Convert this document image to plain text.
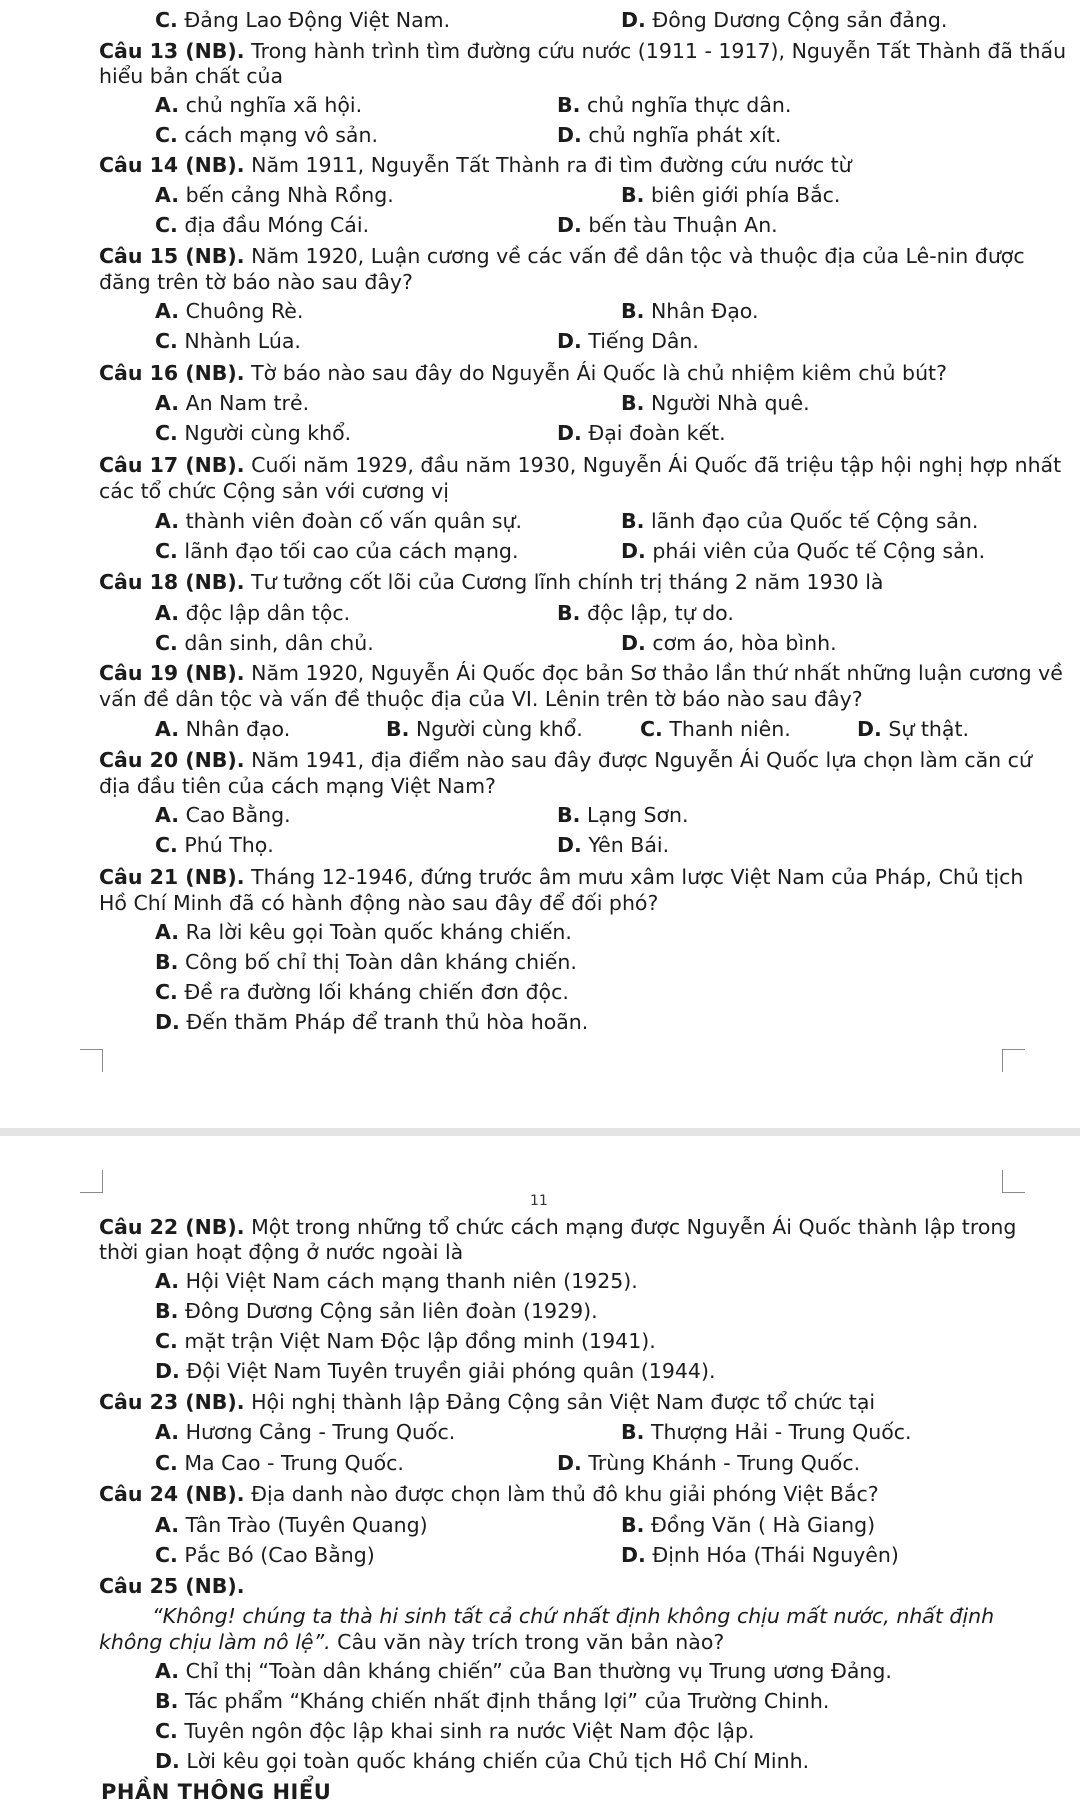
C. Đảng Lao Động Việt Nam.	D. Đông Dương Cộng sản đảng.
Câu 13 (NB). Trong hành trình tìm đường cứu nước (1911 - 1917), Nguyễn Tất Thành đã thấu
hiểu bản chất của
A. chủ nghĩa xã hội.	B. chủ nghĩa thực dân.
C. cách mạng vô sản.	D. chủ nghĩa phát xít.
Câu 14 (NB). Năm 1911, Nguyễn Tất Thành ra đi tìm đường cứu nước từ
A. bến cảng Nhà Rồng.	B. biên giới phía Bắc.
C. địa đầu Móng Cái.	D. bến tàu Thuận An.
Câu 15 (NB). Năm 1920, Luận cương về các vấn đề dân tộc và thuộc địa của Lê-nin được
đăng trên tờ báo nào sau đây?
A. Chuông Rè.	B. Nhân Đạo.
C. Nhành Lúa.	D. Tiếng Dân.
Câu 16 (NB). Tờ báo nào sau đây do Nguyễn Ái Quốc là chủ nhiệm kiêm chủ bút?
A. An Nam trẻ.	B. Người Nhà quê.
C. Người cùng khổ.	D. Đại đoàn kết.
Câu 17 (NB). Cuối năm 1929, đầu năm 1930, Nguyễn Ái Quốc đã triệu tập hội nghị hợp nhất
các tổ chức Cộng sản với cương vị
A. thành viên đoàn cố vấn quân sự.	B. lãnh đạo của Quốc tế Cộng sản.
C. lãnh đạo tối cao của cách mạng.	D. phái viên của Quốc tế Cộng sản.
Câu 18 (NB). Tư tưởng cốt lõi của Cương lĩnh chính trị tháng 2 năm 1930 là
A. độc lập dân tộc.	B. độc lập, tự do.
C. dân sinh, dân chủ.	D. cơm áo, hòa bình.
Câu 19 (NB). Năm 1920, Nguyễn Ái Quốc đọc bản Sơ thảo lần thứ nhất những luận cương về
vấn đề dân tộc và vấn đề thuộc địa của VI. Lênin trên tờ báo nào sau đây?
A. Nhân đạo.	B. Người cùng khổ.	C. Thanh niên.	D. Sự thật.
Câu 20 (NB). Năm 1941, địa điểm nào sau đây được Nguyễn Ái Quốc lựa chọn làm căn cứ
địa đầu tiên của cách mạng Việt Nam?
A. Cao Bằng.	B. Lạng Sơn.
C. Phú Thọ.	D. Yên Bái.
Câu 21 (NB). Tháng 12-1946, đứng trước âm mưu xâm lược Việt Nam của Pháp, Chủ tịch
Hồ Chí Minh đã có hành động nào sau đây để đối phó?
A. Ra lời kêu gọi Toàn quốc kháng chiến.
B. Công bố chỉ thị Toàn dân kháng chiến.
C. Đề ra đường lối kháng chiến đơn độc.
D. Đến thăm Pháp để tranh thủ hòa hoãn.
11
Câu 22 (NB). Một trong những tổ chức cách mạng được Nguyễn Ái Quốc thành lập trong
thời gian hoạt động ở nước ngoài là
A. Hội Việt Nam cách mạng thanh niên (1925).
B. Đông Dương Cộng sản liên đoàn (1929).
C. mặt trận Việt Nam Độc lập đồng minh (1941).
D. Đội Việt Nam Tuyên truyền giải phóng quân (1944).
Câu 23 (NB). Hội nghị thành lập Đảng Cộng sản Việt Nam được tổ chức tại
A. Hương Cảng - Trung Quốc.	B. Thượng Hải - Trung Quốc.
C. Ma Cao - Trung Quốc.	D. Trùng Khánh - Trung Quốc.
Câu 24 (NB). Địa danh nào được chọn làm thủ đô khu giải phóng Việt Bắc?
A. Tân Trào (Tuyên Quang)	B. Đồng Văn ( Hà Giang)
C. Pắc Bó (Cao Bằng)	D. Định Hóa (Thái Nguyên)
Câu 25 (NB).
“Không! chúng ta thà hi sinh tất cả chứ nhất định không chịu mất nước, nhất định
không chịu làm nô lệ”. Câu văn này trích trong văn bản nào?
A. Chỉ thị “Toàn dân kháng chiến” của Ban thường vụ Trung ương Đảng.
B. Tác phẩm “Kháng chiến nhất định thắng lợi” của Trường Chinh.
C. Tuyên ngôn độc lập khai sinh ra nước Việt Nam độc lập.
D. Lời kêu gọi toàn quốc kháng chiến của Chủ tịch Hồ Chí Minh.
PHẦN THÔNG HIỂU
